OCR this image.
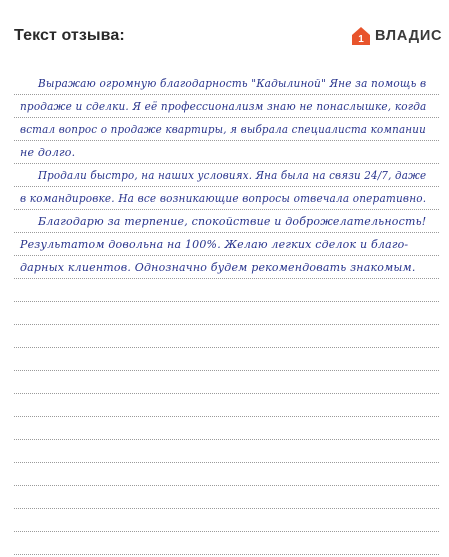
Текст отзыва:	1 ВЛАДИС
Выражаю огромную благодарность "Кадылиной" Яне за помощь в
продаже и сделки. Я её профессионализм знаю не понаслышке, когда
встал вопрос о продаже квартиры, я выбрала специалиста компании
не долго.
Продали быстро, на наших условиях. Яна была на связи 24/7, даже
в командировке. На все возникающие вопросы отвечала оперативно.
Благодарю за терпение, спокойствие и доброжелательность!
Результатом довольна на 100%. Желаю легких сделок и благо-
дарных клиентов. Однозначно будем рекомендовать знакомым.
